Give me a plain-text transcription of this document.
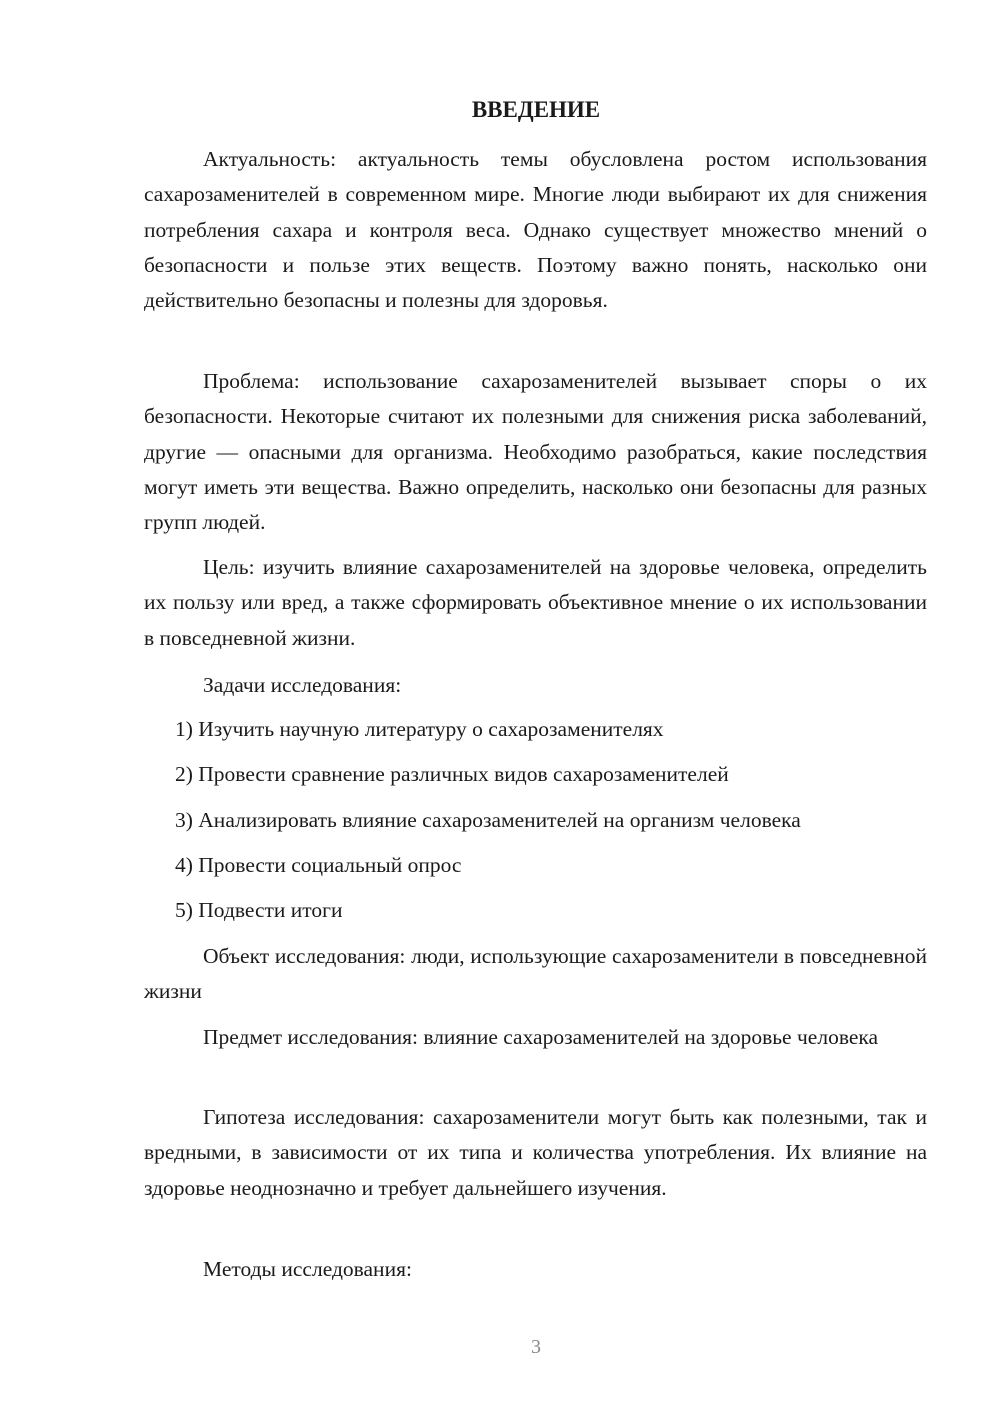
ВВЕДЕНИЕ

Актуальность: актуальность темы обусловлена ростом использования сахарозаменителей в современном мире. Многие люди выбирают их для снижения потребления сахара и контроля веса. Однако существует множество мнений о безопасности и пользе этих веществ. Поэтому важно понять, насколько они действительно безопасны и полезны для здоровья.

Проблема: использование сахарозаменителей вызывает споры о их безопасности. Некоторые считают их полезными для снижения риска заболеваний, другие — опасными для организма. Необходимо разобраться, какие последствия могут иметь эти вещества. Важно определить, насколько они безопасны для разных групп людей.

Цель: изучить влияние сахарозаменителей на здоровье человека, определить их пользу или вред, а также сформировать объективное мнение о их использовании в повседневной жизни.

Задачи исследования:

1) Изучить научную литературу о сахарозаменителях

2) Провести сравнение различных видов сахарозаменителей

3) Анализировать влияние сахарозаменителей на организм человека

4) Провести социальный опрос

5) Подвести итоги

Объект исследования: люди, использующие сахарозаменители в повседневной жизни

Предмет исследования: влияние сахарозаменителей на здоровье человека

Гипотеза исследования: сахарозаменители могут быть как полезными, так и вредными, в зависимости от их типа и количества употребления. Их влияние на здоровье неоднозначно и требует дальнейшего изучения.

Методы исследования:

3
